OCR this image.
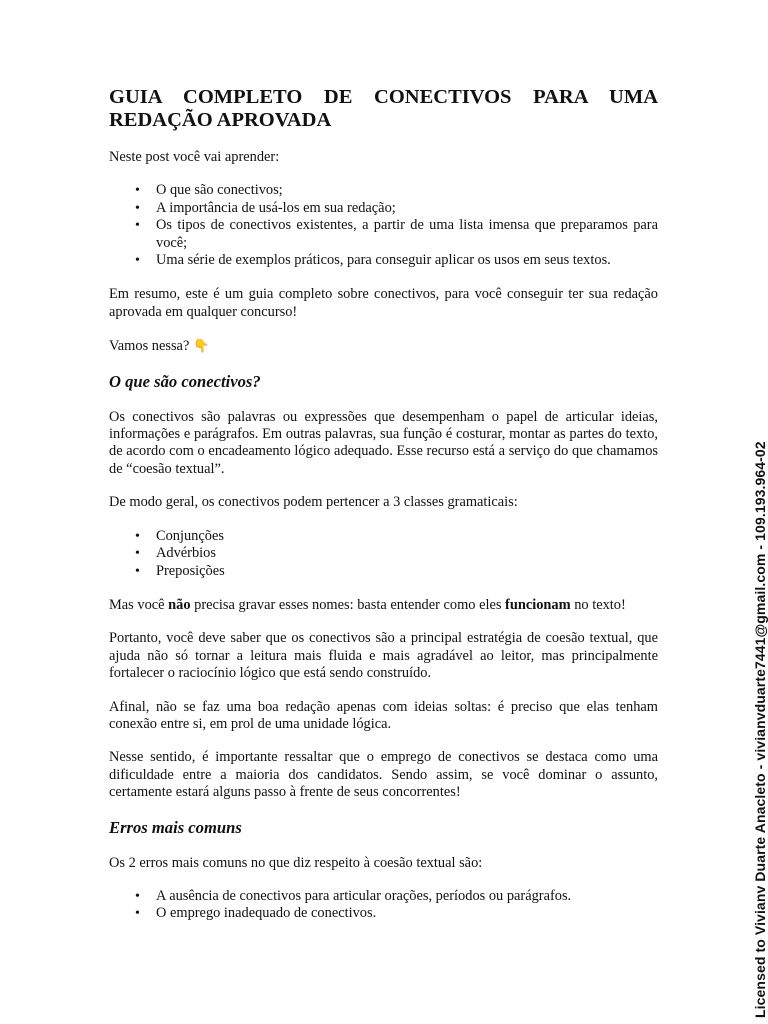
GUIA COMPLETO DE CONECTIVOS PARA UMA REDAÇÃO APROVADA

Neste post você vai aprender:

• O que são conectivos;
• A importância de usá-los em sua redação;
• Os tipos de conectivos existentes, a partir de uma lista imensa que preparamos para você;
• Uma série de exemplos práticos, para conseguir aplicar os usos em seus textos.

Em resumo, este é um guia completo sobre conectivos, para você conseguir ter sua redação aprovada em qualquer concurso!

Vamos nessa? 👇

O que são conectivos?

Os conectivos são palavras ou expressões que desempenham o papel de articular ideias, informações e parágrafos. Em outras palavras, sua função é costurar, montar as partes do texto, de acordo com o encadeamento lógico adequado. Esse recurso está a serviço do que chamamos de “coesão textual”.

De modo geral, os conectivos podem pertencer a 3 classes gramaticais:

• Conjunções
• Advérbios
• Preposições

Mas você não precisa gravar esses nomes: basta entender como eles funcionam no texto!

Portanto, você deve saber que os conectivos são a principal estratégia de coesão textual, que ajuda não só tornar a leitura mais fluida e mais agradável ao leitor, mas principalmente fortalecer o raciocínio lógico que está sendo construído.

Afinal, não se faz uma boa redação apenas com ideias soltas: é preciso que elas tenham conexão entre si, em prol de uma unidade lógica.

Nesse sentido, é importante ressaltar que o emprego de conectivos se destaca como uma dificuldade entre a maioria dos candidatos. Sendo assim, se você dominar o assunto, certamente estará alguns passo à frente de seus concorrentes!

Erros mais comuns

Os 2 erros mais comuns no que diz respeito à coesão textual são:

• A ausência de conectivos para articular orações, períodos ou parágrafos.
• O emprego inadequado de conectivos.	Licensed to Vivianv Duarte Anacleto - vivianvduarte7441@gmail.com - 109.193.964-02
